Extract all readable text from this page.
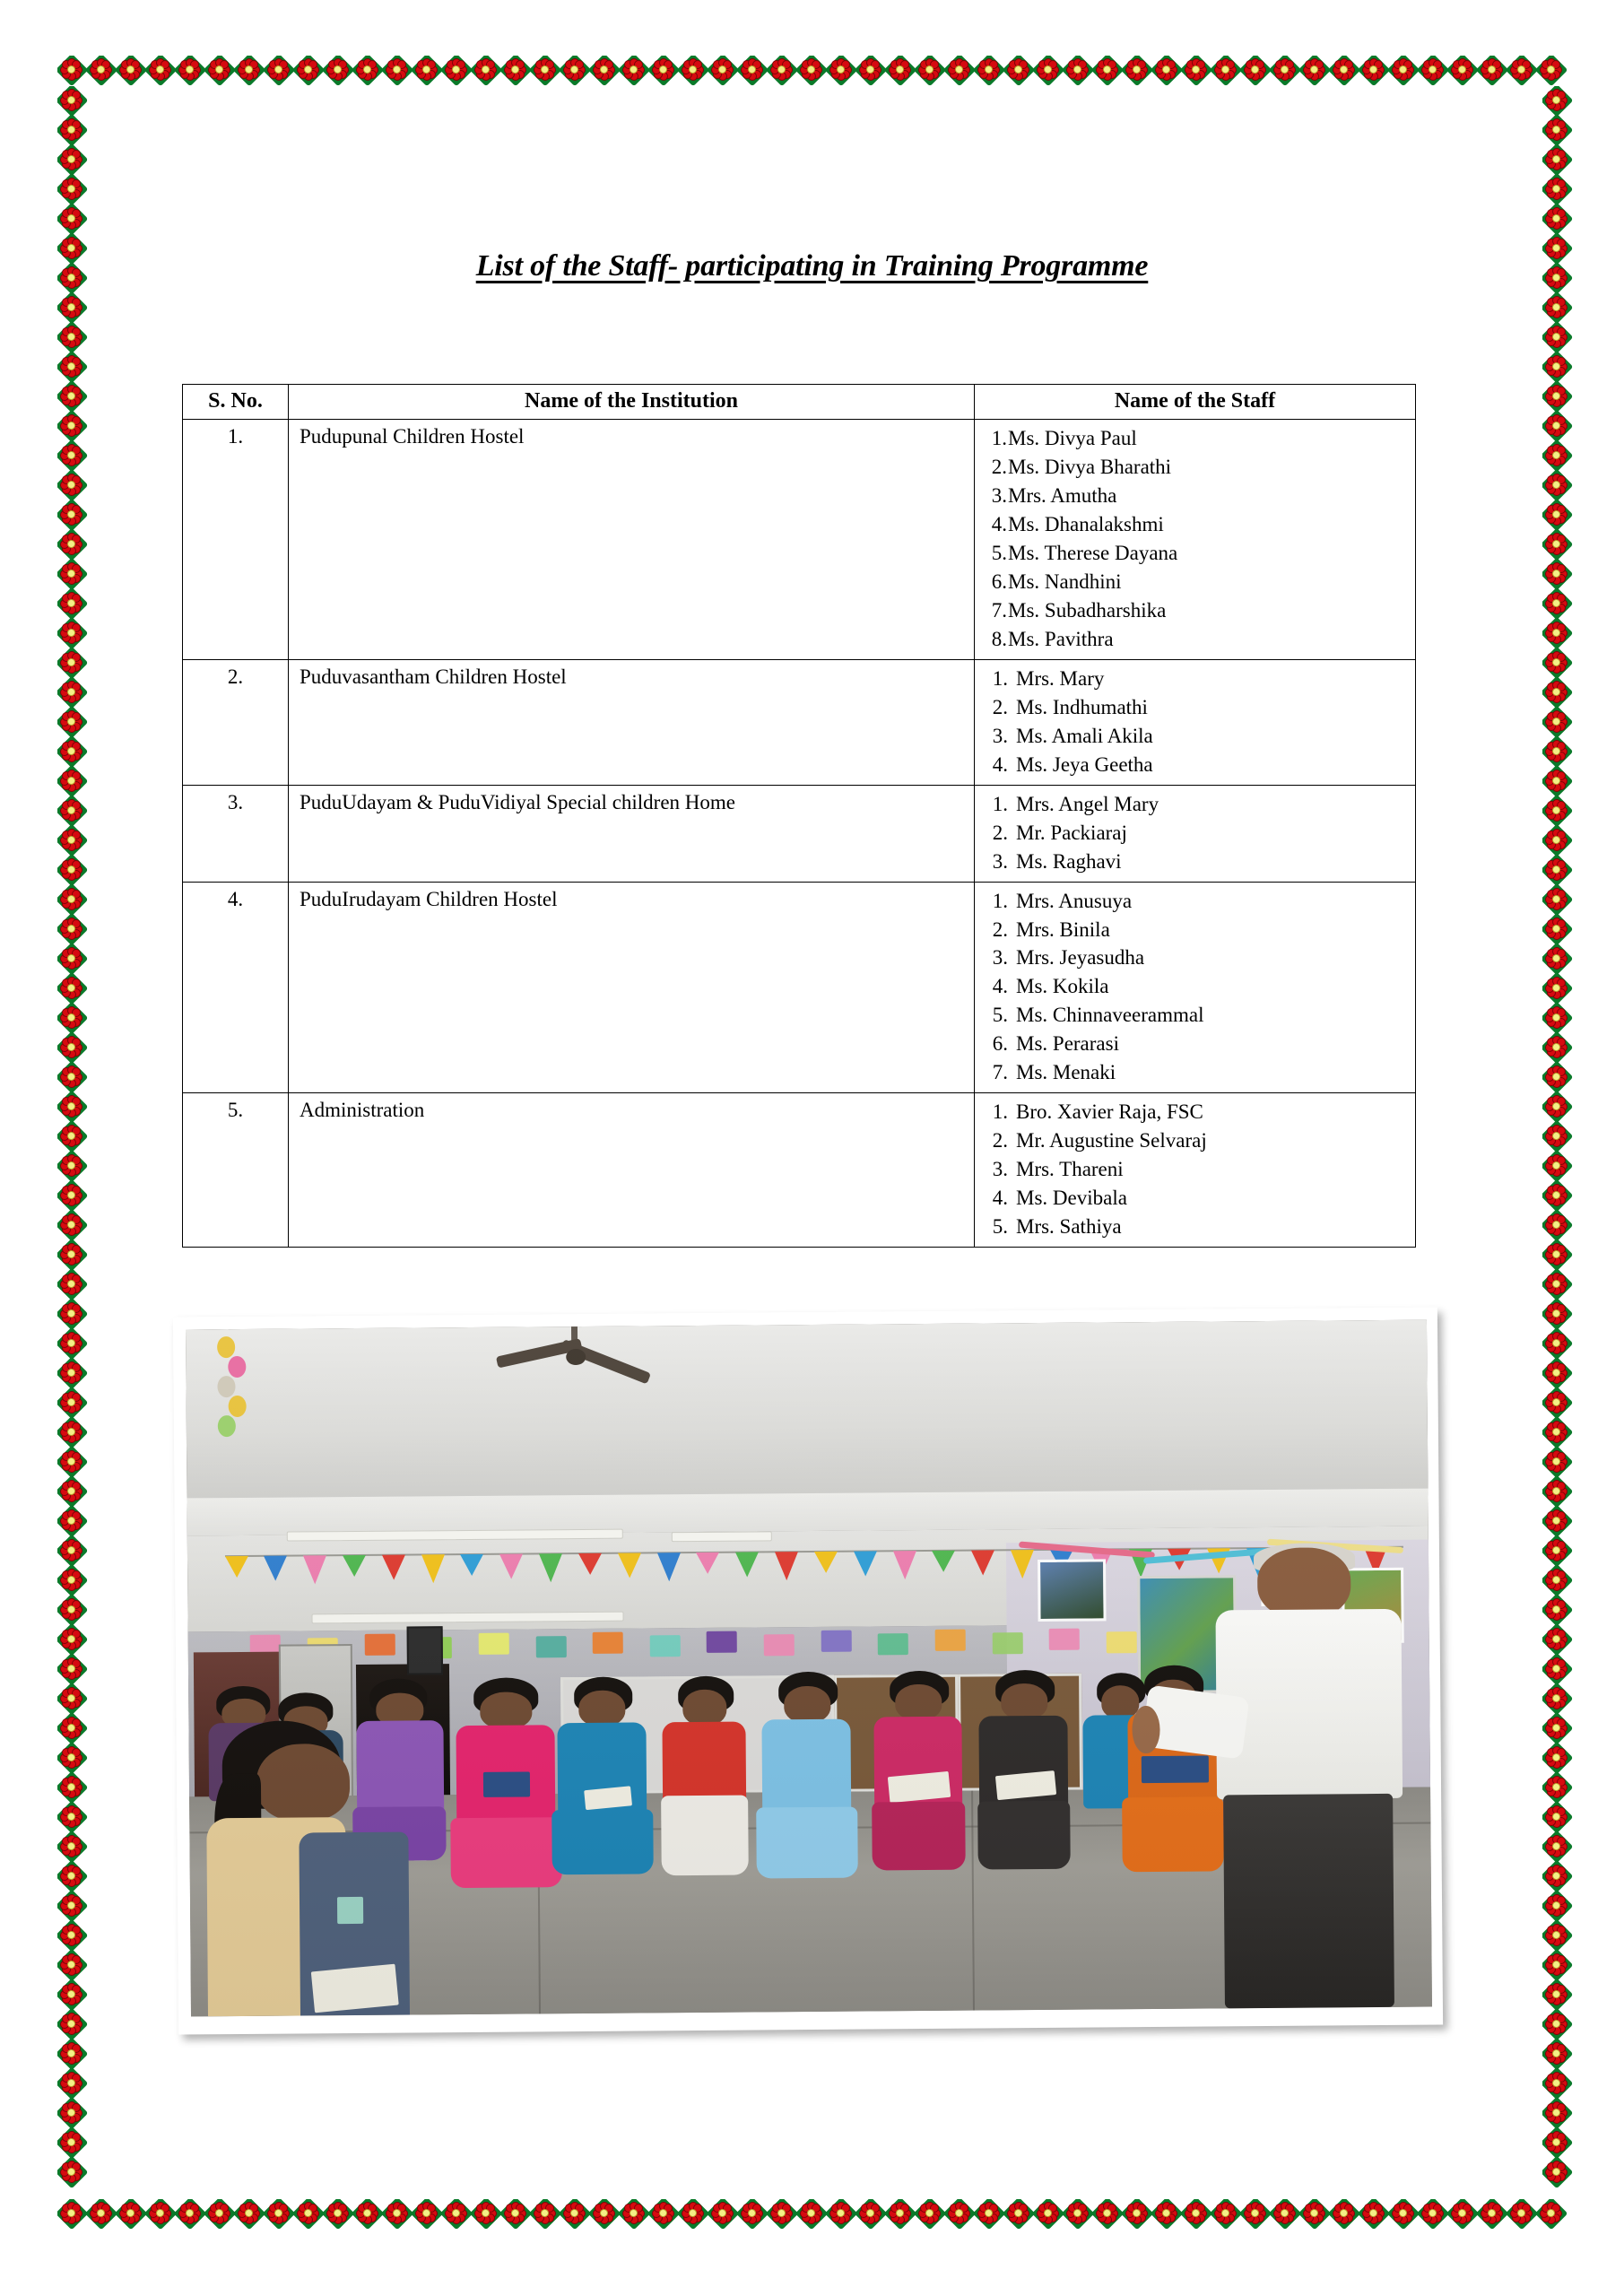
List of the Staff- participating in Training Programme
S. No.	Name of the Institution	Name of the Staff
1.	Pudupunal Children Hostel	1. Ms. Divya Paul
2. Ms. Divya Bharathi
3. Mrs. Amutha
4. Ms. Dhanalakshmi
5. Ms. Therese Dayana
6. Ms. Nandhini
7. Ms. Subadharshika
8. Ms. Pavithra

2.	Puduvasantham Children Hostel	1. Mrs. Mary
2. Ms. Indhumathi
3. Ms. Amali Akila
4. Ms. Jeya Geetha

3.	PuduUdayam & PuduVidiyal Special children Home	1. Mrs. Angel Mary
2. Mr. Packiaraj
3. Ms. Raghavi

4.	PuduIrudayam Children Hostel	1. Mrs. Anusuya
2. Mrs. Binila
3. Mrs. Jeyasudha
4. Ms. Kokila
5. Ms. Chinnaveerammal
6. Ms. Perarasi
7. Ms. Menaki

5.	Administration	1. Bro. Xavier Raja, FSC
2. Mr. Augustine Selvaraj
3. Mrs. Thareni
4. Ms. Devibala
5. Mrs. Sathiya
